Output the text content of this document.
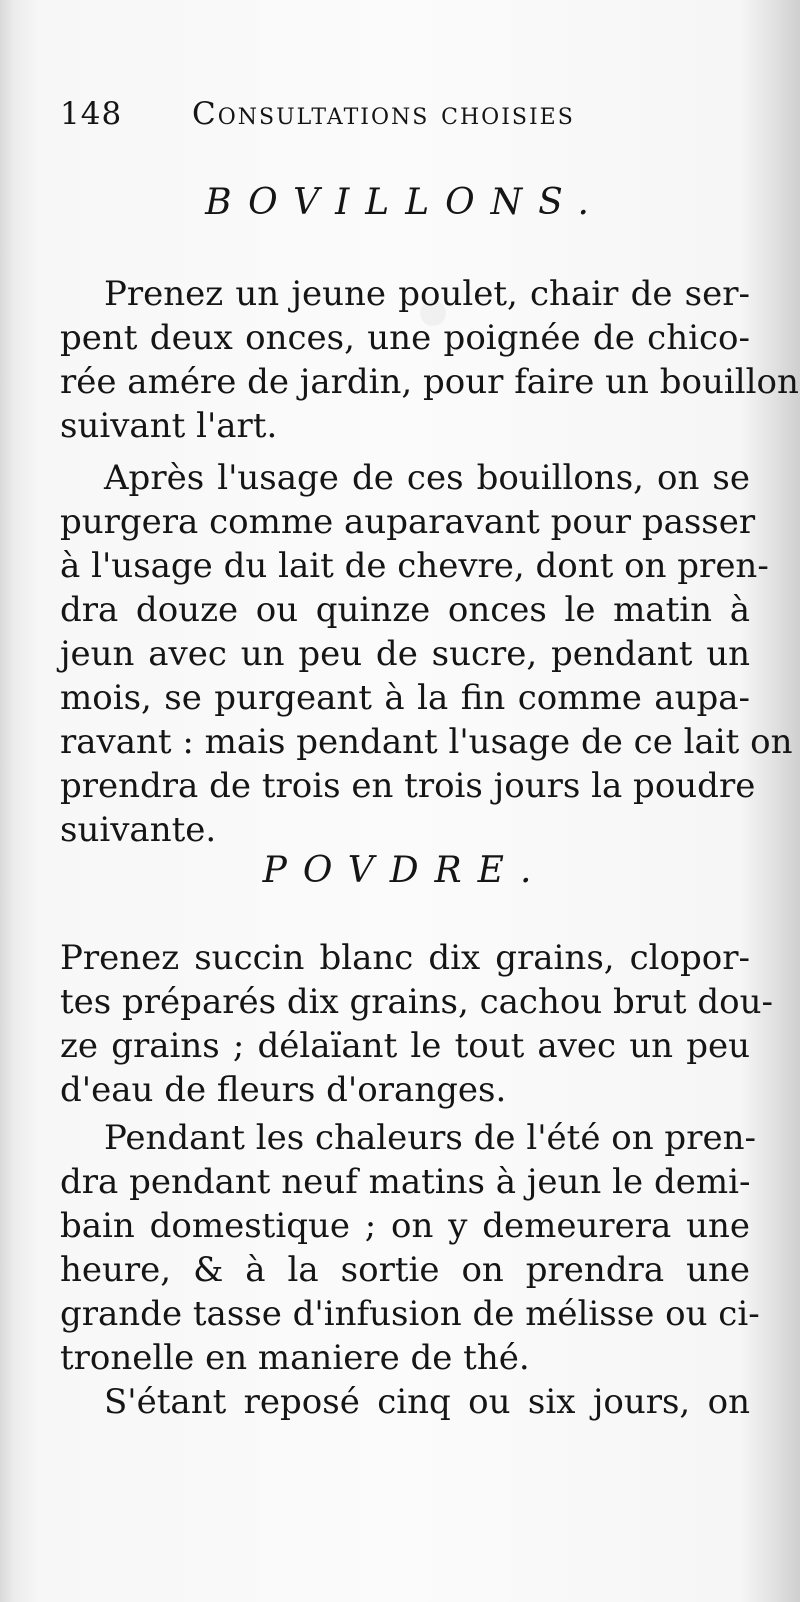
148 Consultations choisies
BOVILLONS.

Prenez un jeune poulet, chair de ser-
pent deux onces, une poignée de chico-
rée amére de jardin, pour faire un bouillon
suivant l'art.

Après l'usage de ces bouillons, on se
purgera comme auparavant pour passer
à l'usage du lait de chevre, dont on pren-
dra douze ou quinze onces le matin à
jeun avec un peu de sucre, pendant un
mois, se purgeant à la fin comme aupa-
ravant : mais pendant l'usage de ce lait on
prendra de trois en trois jours la poudre
suivante.

POVDRE.

Prenez succin blanc dix grains, clopor-
tes préparés dix grains, cachou brut dou-
ze grains ; délaïant le tout avec un peu
d'eau de fleurs d'oranges.

Pendant les chaleurs de l'été on pren-
dra pendant neuf matins à jeun le demi-
bain domestique ; on y demeurera une
heure, & à la sortie on prendra une
grande tasse d'infusion de mélisse ou ci-
tronelle en maniere de thé.

S'étant reposé cinq ou six jours, on
